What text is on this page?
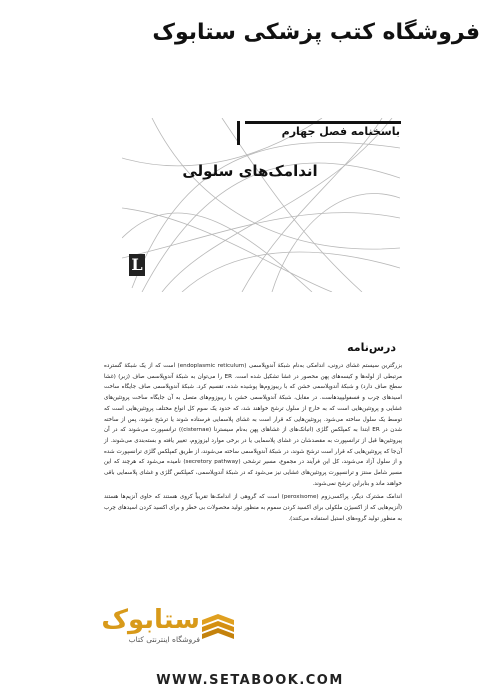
فروشگاه کتب پزشکی ستابوک
باسخنامه فصل جهارم
اندامک‌های سلولی
L
درس‌نامه

بزرگترین سیستم غشای درونی، اندامکی به‌نام شبکهٔ آندوپلاسمی (endoplasmic reticulum) است که از یک شبکهٔ گسترده مرتبطی از لوله‌ها و کیسه‌های پهن محصور در غشا تشکیل شده است. ER را می‌توان به شبکهٔ آندوپلاسمی صاف (زبر) (غشا سطح صاف دارد) و شبکهٔ آندوپلاسمی خشن که با ریبوزوم‌ها پوشیده شده، تقسیم کرد. شبکهٔ آندوپلاسمی صاف جایگاه ساخت اسیدهای چرب و فسفولیپیدهاست. در مقابل، شبکهٔ آندوپلاسمی خشن با ریبوزوم‌های متصل به آن جایگاه ساخت پروتئین‌های غشایی و پروتئین‌هایی است که به خارج از سلول ترشح خواهند شد، که حدود یک سوم کل انواع مختلف پروتئین‌هایی است که توسط یک سلول ساخته می‌شود. پروتئین‌هایی که قرار است به غشای پلاسمایی فرستاده شوند یا ترشح شوند، پس از ساخته شدن در ER ابتدا به کمپلکس گلژی (انبانک‌های از غشاهای پهن به‌نام سیسترنا (cisternae)) ترانسپورت می‌شوند که در آن پیروتئین‌ها قبل از ترانسپورت به مقصدشان در غشای پلاسمایی یا در برخی موارد لیزوزوم، تغییر یافته و بسته‌بندی می‌شوند. از آن‌جا که پروتئین‌هایی که قرار است ترشح شوند، در شبکهٔ آندوپلاسمی ساخته می‌شوند، از طریق کمپلکس گلژی ترانسپورت شده و از سلول آزاد می‌شوند، کل این فرآیند در مجموع، مسیر ترشحی (secretory pathway) نامیده می‌شود که هرچند که این مسیر شامل سنتز و ترانسپورت پروتئین‌های غشایی نیز می‌شود که در شبکهٔ آندوپلاسمی، کمپلکس گلژی و غشای پلاسمایی باقی خواهند ماند و بنابراین ترشح نمی‌شوند.

اندامک مشترک دیگر، پراکسی‌زوم (peroxisome) است که گروهی از اندامک‌ها تقریباً کروی هستند که حاوی آنزیم‌ها هستند (آنزیم‌هایی که از اکسیژن ملکولی برای اکسید کردن سموم به منظور تولید محصولات بی خطر و برای اکسید کردن اسیدهای چرب به منظور تولید گروه‌های استیل استفاده می‌کنند).

ستابوک
فروشگاه اینترنتی کتاب
WWW.SETABOOK.COM
